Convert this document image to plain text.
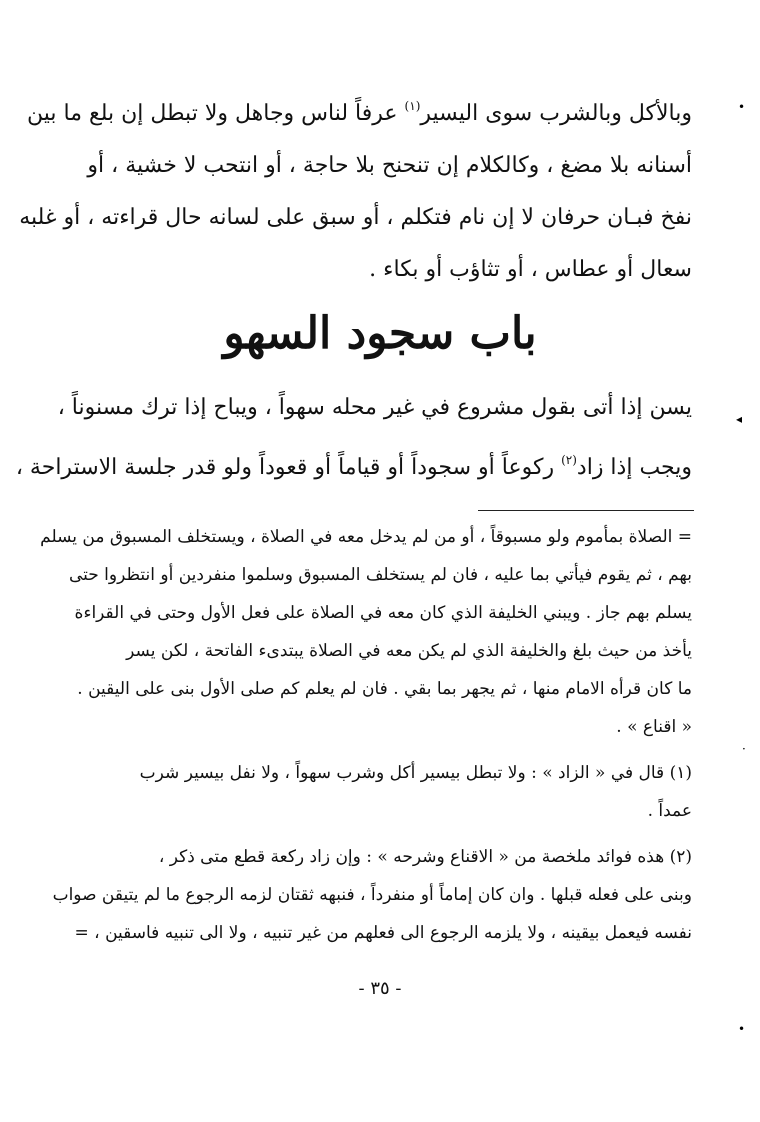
وبالأكل وبالشرب سوى اليسير$^{(١)}$ عرفاً لناس وجاهل ولا تبطل إن بلع ما بين
أسنانه بلا مضغ ، وكالكلام إن تنحنح بلا حاجة ، أو انتحب لا خشية ، أو
نفخ فبـان حرفان لا إن نام فتكلم ، أو سبق على لسانه حال قراءته ، أو غلبه
سعال أو عطاس ، أو تثاؤب أو بكاء .
باب سجود السهو
يسن إذا أتى بقول مشروع في غير محله سهواً ، ويباح إذا ترك مسنوناً ،
ويجب إذا زاد$^{(٢)}$ ركوعاً أو سجوداً أو قياماً أو قعوداً ولو قدر جلسة الاستراحة ،
= الصلاة بمأموم ولو مسبوقاً ، أو من لم يدخل معه في الصلاة ، ويستخلف المسبوق من يسلم
بهم ، ثم يقوم فيأتي بما عليه ، فان لم يستخلف المسبوق وسلموا منفردين أو انتظروا حتى
يسلم بهم جاز . ويبني الخليفة الذي كان معه في الصلاة على فعل الأول وحتى في القراءة
يأخذ من حيث بلغ والخليفة الذي لم يكن معه في الصلاة يبتدىء الفاتحة ، لكن يسر
ما كان قرأه الامام منها ، ثم يجهر بما بقي . فان لم يعلم كم صلى الأول بنى على اليقين .
« اقناع » .
(١) قال في « الزاد » : ولا تبطل بيسير أكل وشرب سهواً ، ولا نفل بيسير شرب
عمداً .
(٢) هذه فوائد ملخصة من « الاقناع وشرحه » : وإن زاد ركعة قطع متى ذكر ،
وبنى على فعله قبلها . وان كان إماماً أو منفرداً ، فنبهه ثقتان لزمه الرجوع ما لم يتيقن صواب
نفسه فيعمل بيقينه ، ولا يلزمه الرجوع الى فعلهم من غير تنبيه ، ولا الى تنبيه فاسقين ، =
- ٣٥ -
•
◂
·
•
